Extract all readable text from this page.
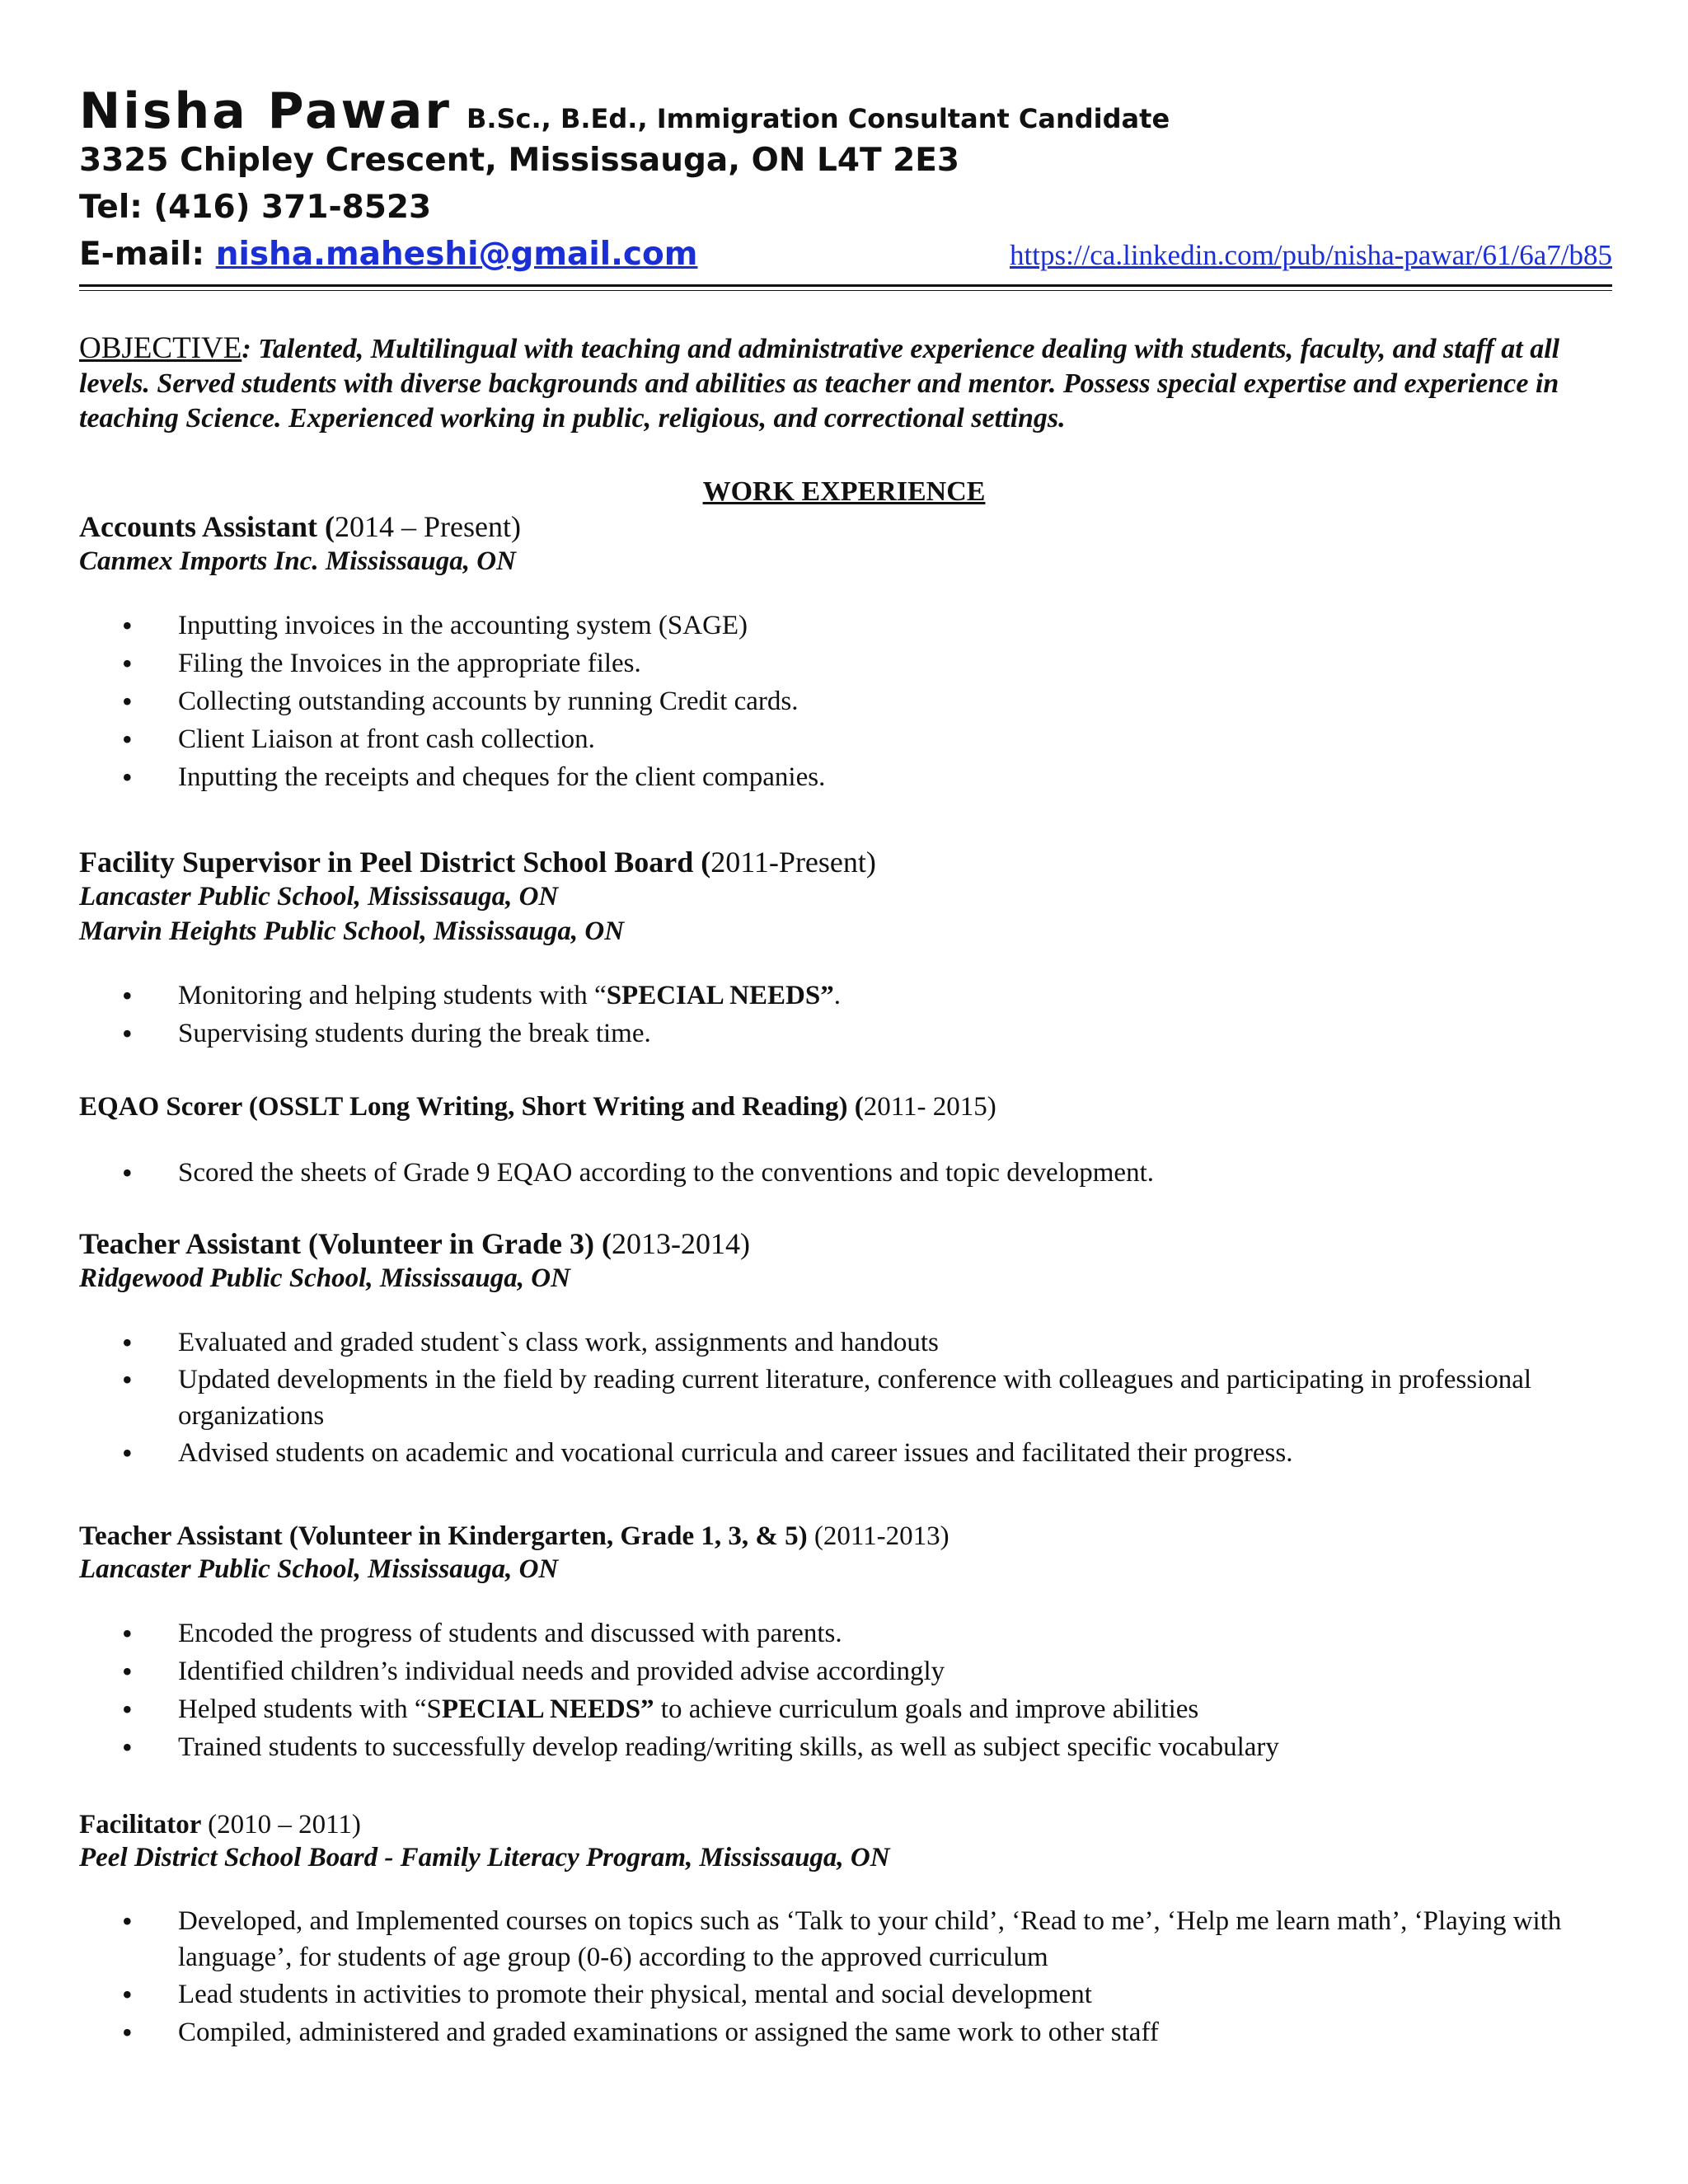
Nisha Pawar B.Sc., B.Ed., Immigration Consultant Candidate
3325 Chipley Crescent, Mississauga, ON L4T 2E3
Tel: (416) 371-8523
E-mail: nisha.maheshi@gmail.com	https://ca.linkedin.com/pub/nisha-pawar/61/6a7/b85
OBJECTIVE: Talented, Multilingual with teaching and administrative experience dealing with students, faculty, and staff at all levels. Served students with diverse backgrounds and abilities as teacher and mentor. Possess special expertise and experience in teaching Science. Experienced working in public, religious, and correctional settings.
WORK EXPERIENCE
Accounts Assistant (2014 – Present)
Canmex Imports Inc. Mississauga, ON
• Inputting invoices in the accounting system (SAGE)
• Filing the Invoices in the appropriate files.
• Collecting outstanding accounts by running Credit cards.
• Client Liaison at front cash collection.
• Inputting the receipts and cheques for the client companies.
Facility Supervisor in Peel District School Board (2011-Present)
Lancaster Public School, Mississauga, ON
Marvin Heights Public School, Mississauga, ON
• Monitoring and helping students with “SPECIAL NEEDS”.
• Supervising students during the break time.
EQAO Scorer (OSSLT Long Writing, Short Writing and Reading) (2011- 2015)
• Scored the sheets of Grade 9 EQAO according to the conventions and topic development.
Teacher Assistant (Volunteer in Grade 3) (2013-2014)
Ridgewood Public School, Mississauga, ON
• Evaluated and graded student`s class work, assignments and handouts
• Updated developments in the field by reading current literature, conference with colleagues and participating in professional organizations
• Advised students on academic and vocational curricula and career issues and facilitated their progress.
Teacher Assistant (Volunteer in Kindergarten, Grade 1, 3, & 5) (2011-2013)
Lancaster Public School, Mississauga, ON
• Encoded the progress of students and discussed with parents.
• Identified children’s individual needs and provided advise accordingly
• Helped students with “SPECIAL NEEDS” to achieve curriculum goals and improve abilities
• Trained students to successfully develop reading/writing skills, as well as subject specific vocabulary
Facilitator (2010 – 2011)
Peel District School Board - Family Literacy Program, Mississauga, ON
• Developed, and Implemented courses on topics such as ‘Talk to your child’, ‘Read to me’, ‘Help me learn math’, ‘Playing with language’, for students of age group (0-6) according to the approved curriculum
• Lead students in activities to promote their physical, mental and social development
• Compiled, administered and graded examinations or assigned the same work to other staff
